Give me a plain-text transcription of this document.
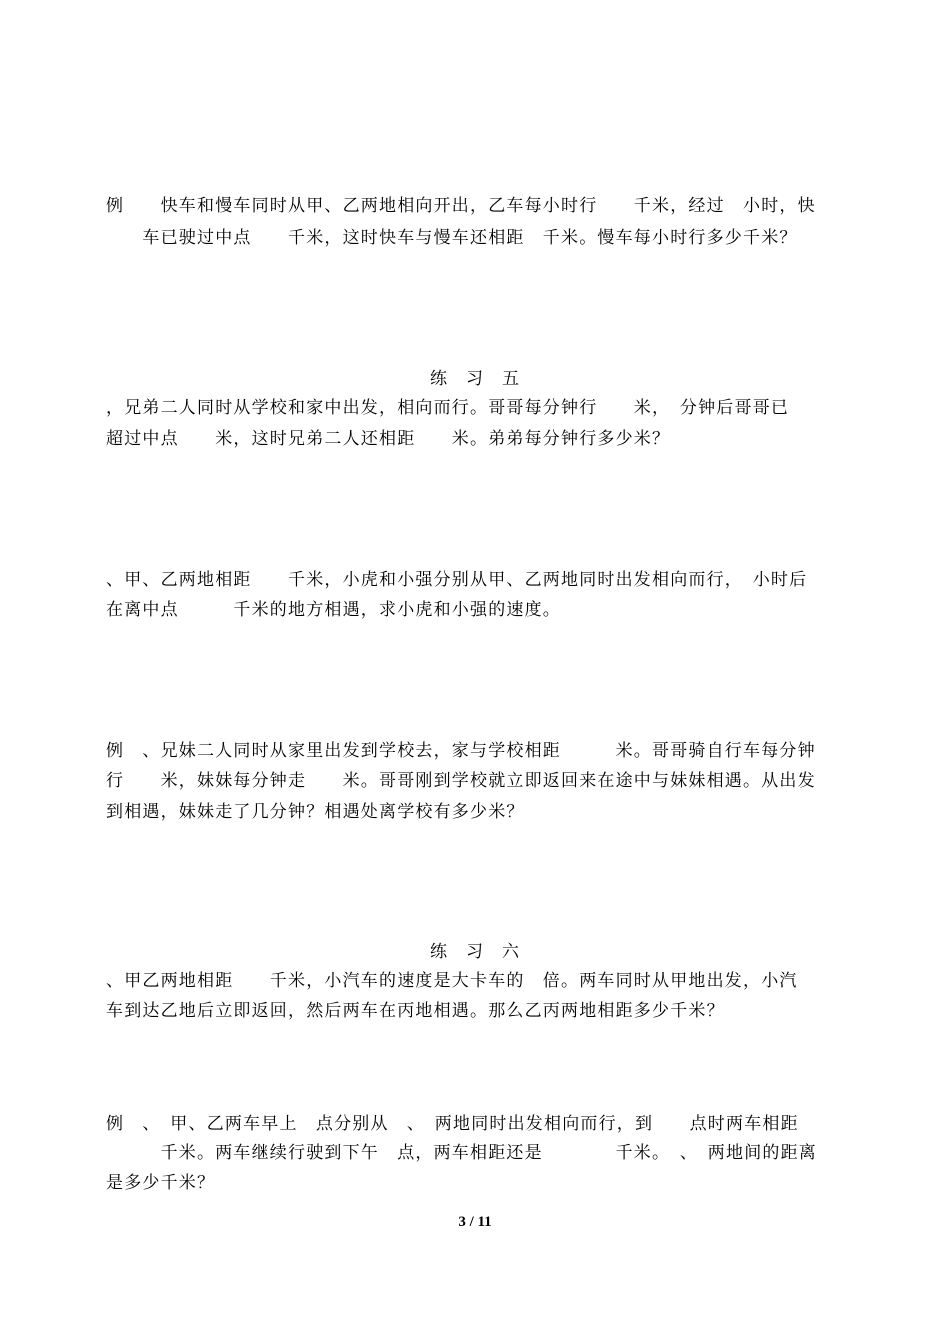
例　　快车和慢车同时从甲、乙两地相向开出，乙车每小时行　　千米，经过　小时，快
　　车已驶过中点　　千米，这时快车与慢车还相距　千米。慢车每小时行多少千米？
练　习　五
，兄弟二人同时从学校和家中出发，相向而行。哥哥每分钟行　　米，　分钟后哥哥已
超过中点　　米，这时兄弟二人还相距　　米。弟弟每分钟行多少米？
、甲、乙两地相距　　千米，小虎和小强分别从甲、乙两地同时出发相向而行，　小时后
在离中点　　　千米的地方相遇，求小虎和小强的速度。
例　、兄妹二人同时从家里出发到学校去，家与学校相距　　　米。哥哥骑自行车每分钟
行　　米，妹妹每分钟走　　米。哥哥刚到学校就立即返回来在途中与妹妹相遇。从出发
到相遇，妹妹走了几分钟？相遇处离学校有多少米？
练　习　六
、甲乙两地相距　　千米，小汽车的速度是大卡车的　倍。两车同时从甲地出发，小汽
车到达乙地后立即返回，然后两车在丙地相遇。那么乙丙两地相距多少千米？
例　、　甲、乙两车早上　点分别从　、　两地同时出发相向而行，到　　点时两车相距
　　　千米。两车继续行驶到下午　点，两车相距还是　　　　千米。　、　两地间的距离
是多少千米？
3 / 11
